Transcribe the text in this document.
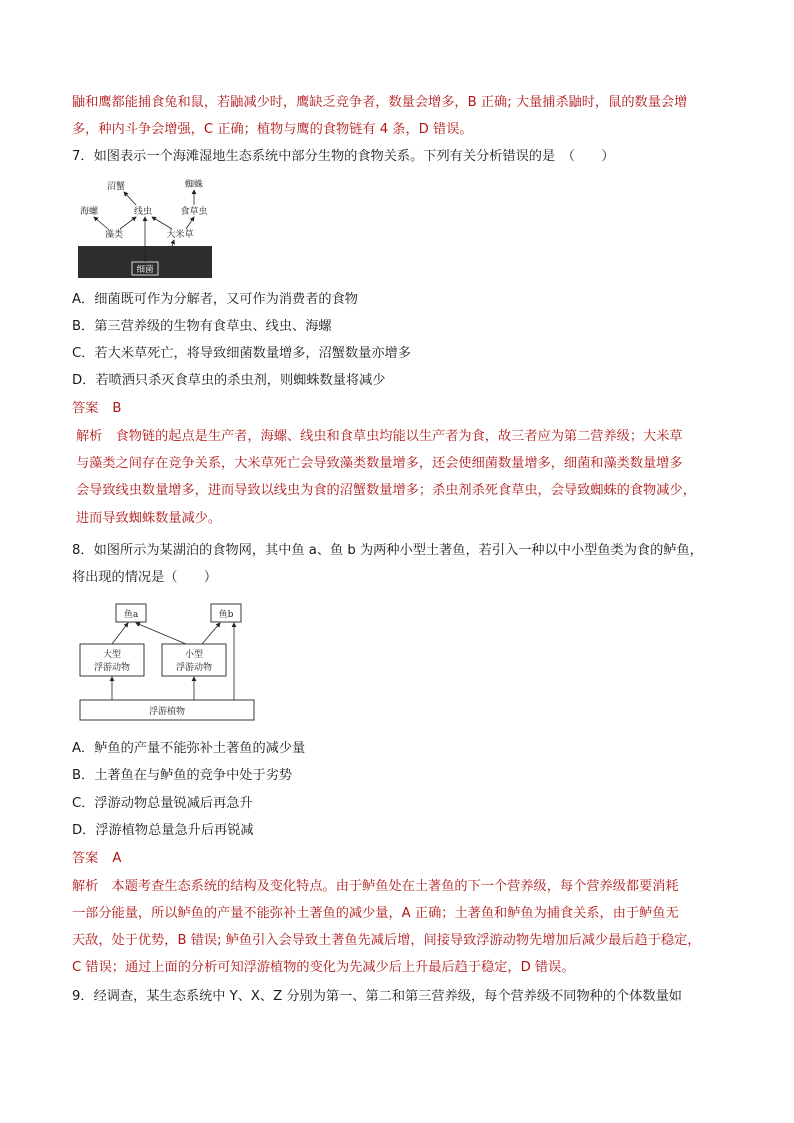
鼬和鹰都能捕食兔和鼠，若鼬减少时，鹰缺乏竞争者，数量会增多，B 正确; 大量捕杀鼬时，鼠的数量会增
多，种内斗争会增强，C 正确；植物与鹰的食物链有 4 条，D 错误。
7．如图表示一个海滩湿地生态系统中部分生物的食物关系。下列有关分析错误的是　（　　）
细菌
沼蟹	蜘蛛
海螺	线虫	食草虫
藻类	大米草
A．细菌既可作为分解者，又可作为消费者的食物
B．第三营养级的生物有食草虫、线虫、海螺
C．若大米草死亡，将导致细菌数量增多，沼蟹数量亦增多
D．若喷洒只杀灭食草虫的杀虫剂，则蜘蛛数量将减少
答案 B
解析　食物链的起点是生产者，海螺、线虫和食草虫均能以生产者为食，故三者应为第二营养级；大米草
与藻类之间存在竞争关系，大米草死亡会导致藻类数量增多，还会使细菌数量增多，细菌和藻类数量增多
会导致线虫数量增多，进而导致以线虫为食的沼蟹数量增多；杀虫剂杀死食草虫，会导致蜘蛛的食物减少，
进而导致蜘蛛数量减少。
8．如图所示为某湖泊的食物网，其中鱼 a、鱼 b 为两种小型土著鱼，若引入一种以中小型鱼类为食的鲈鱼，
将出现的情况是（　　）
鱼a	鱼b
大型
浮游动物
小型
浮游动物
浮游植物
A．鲈鱼的产量不能弥补土著鱼的减少量
B．土著鱼在与鲈鱼的竞争中处于劣势
C．浮游动物总量锐减后再急升
D．浮游植物总量急升后再锐减
答案 A
解析　本题考查生态系统的结构及变化特点。由于鲈鱼处在土著鱼的下一个营养级，每个营养级都要消耗
一部分能量，所以鲈鱼的产量不能弥补土著鱼的减少量，A 正确；土著鱼和鲈鱼为捕食关系，由于鲈鱼无
天敌，处于优势，B 错误; 鲈鱼引入会导致土著鱼先减后增，间接导致浮游动物先增加后减少最后趋于稳定，
C 错误；通过上面的分析可知浮游植物的变化为先减少后上升最后趋于稳定，D 错误。
9．经调查，某生态系统中 Y、X、Z 分别为第一、第二和第三营养级，每个营养级不同物种的个体数量如
